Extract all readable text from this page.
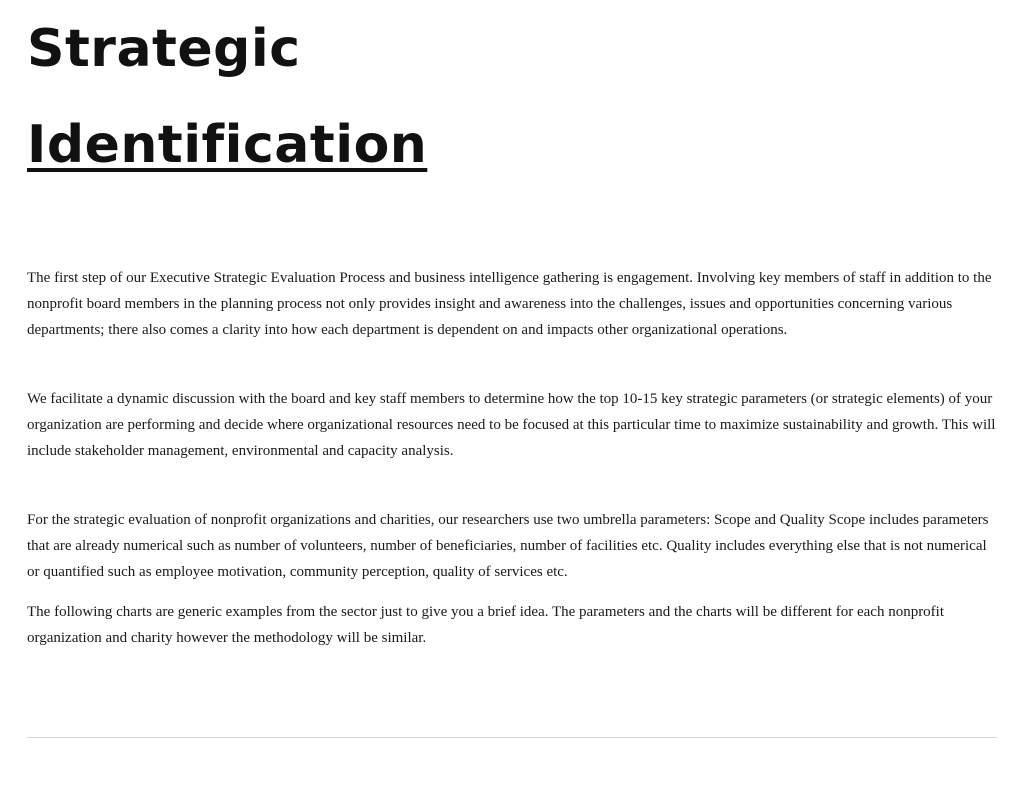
Strategic
Identification

The first step of our Executive Strategic Evaluation Process and business intelligence gathering is engagement. Involving key members of staff in addition to the nonprofit board members in the planning process not only provides insight and awareness into the challenges, issues and opportunities concerning various departments; there also comes a clarity into how each department is dependent on and impacts other organizational operations.

We facilitate a dynamic discussion with the board and key staff members to determine how the top 10-15 key strategic parameters (or strategic elements) of your organization are performing and decide where organizational resources need to be focused at this particular time to maximize sustainability and growth. This will include stakeholder management, environmental and capacity analysis.

For the strategic evaluation of nonprofit organizations and charities, our researchers use two umbrella parameters: Scope and Quality Scope includes parameters that are already numerical such as number of volunteers, number of beneficiaries, number of facilities etc. Quality includes everything else that is not numerical or quantified such as employee motivation, community perception, quality of services etc.

The following charts are generic examples from the sector just to give you a brief idea. The parameters and the charts will be different for each nonprofit organization and charity however the methodology will be similar.
